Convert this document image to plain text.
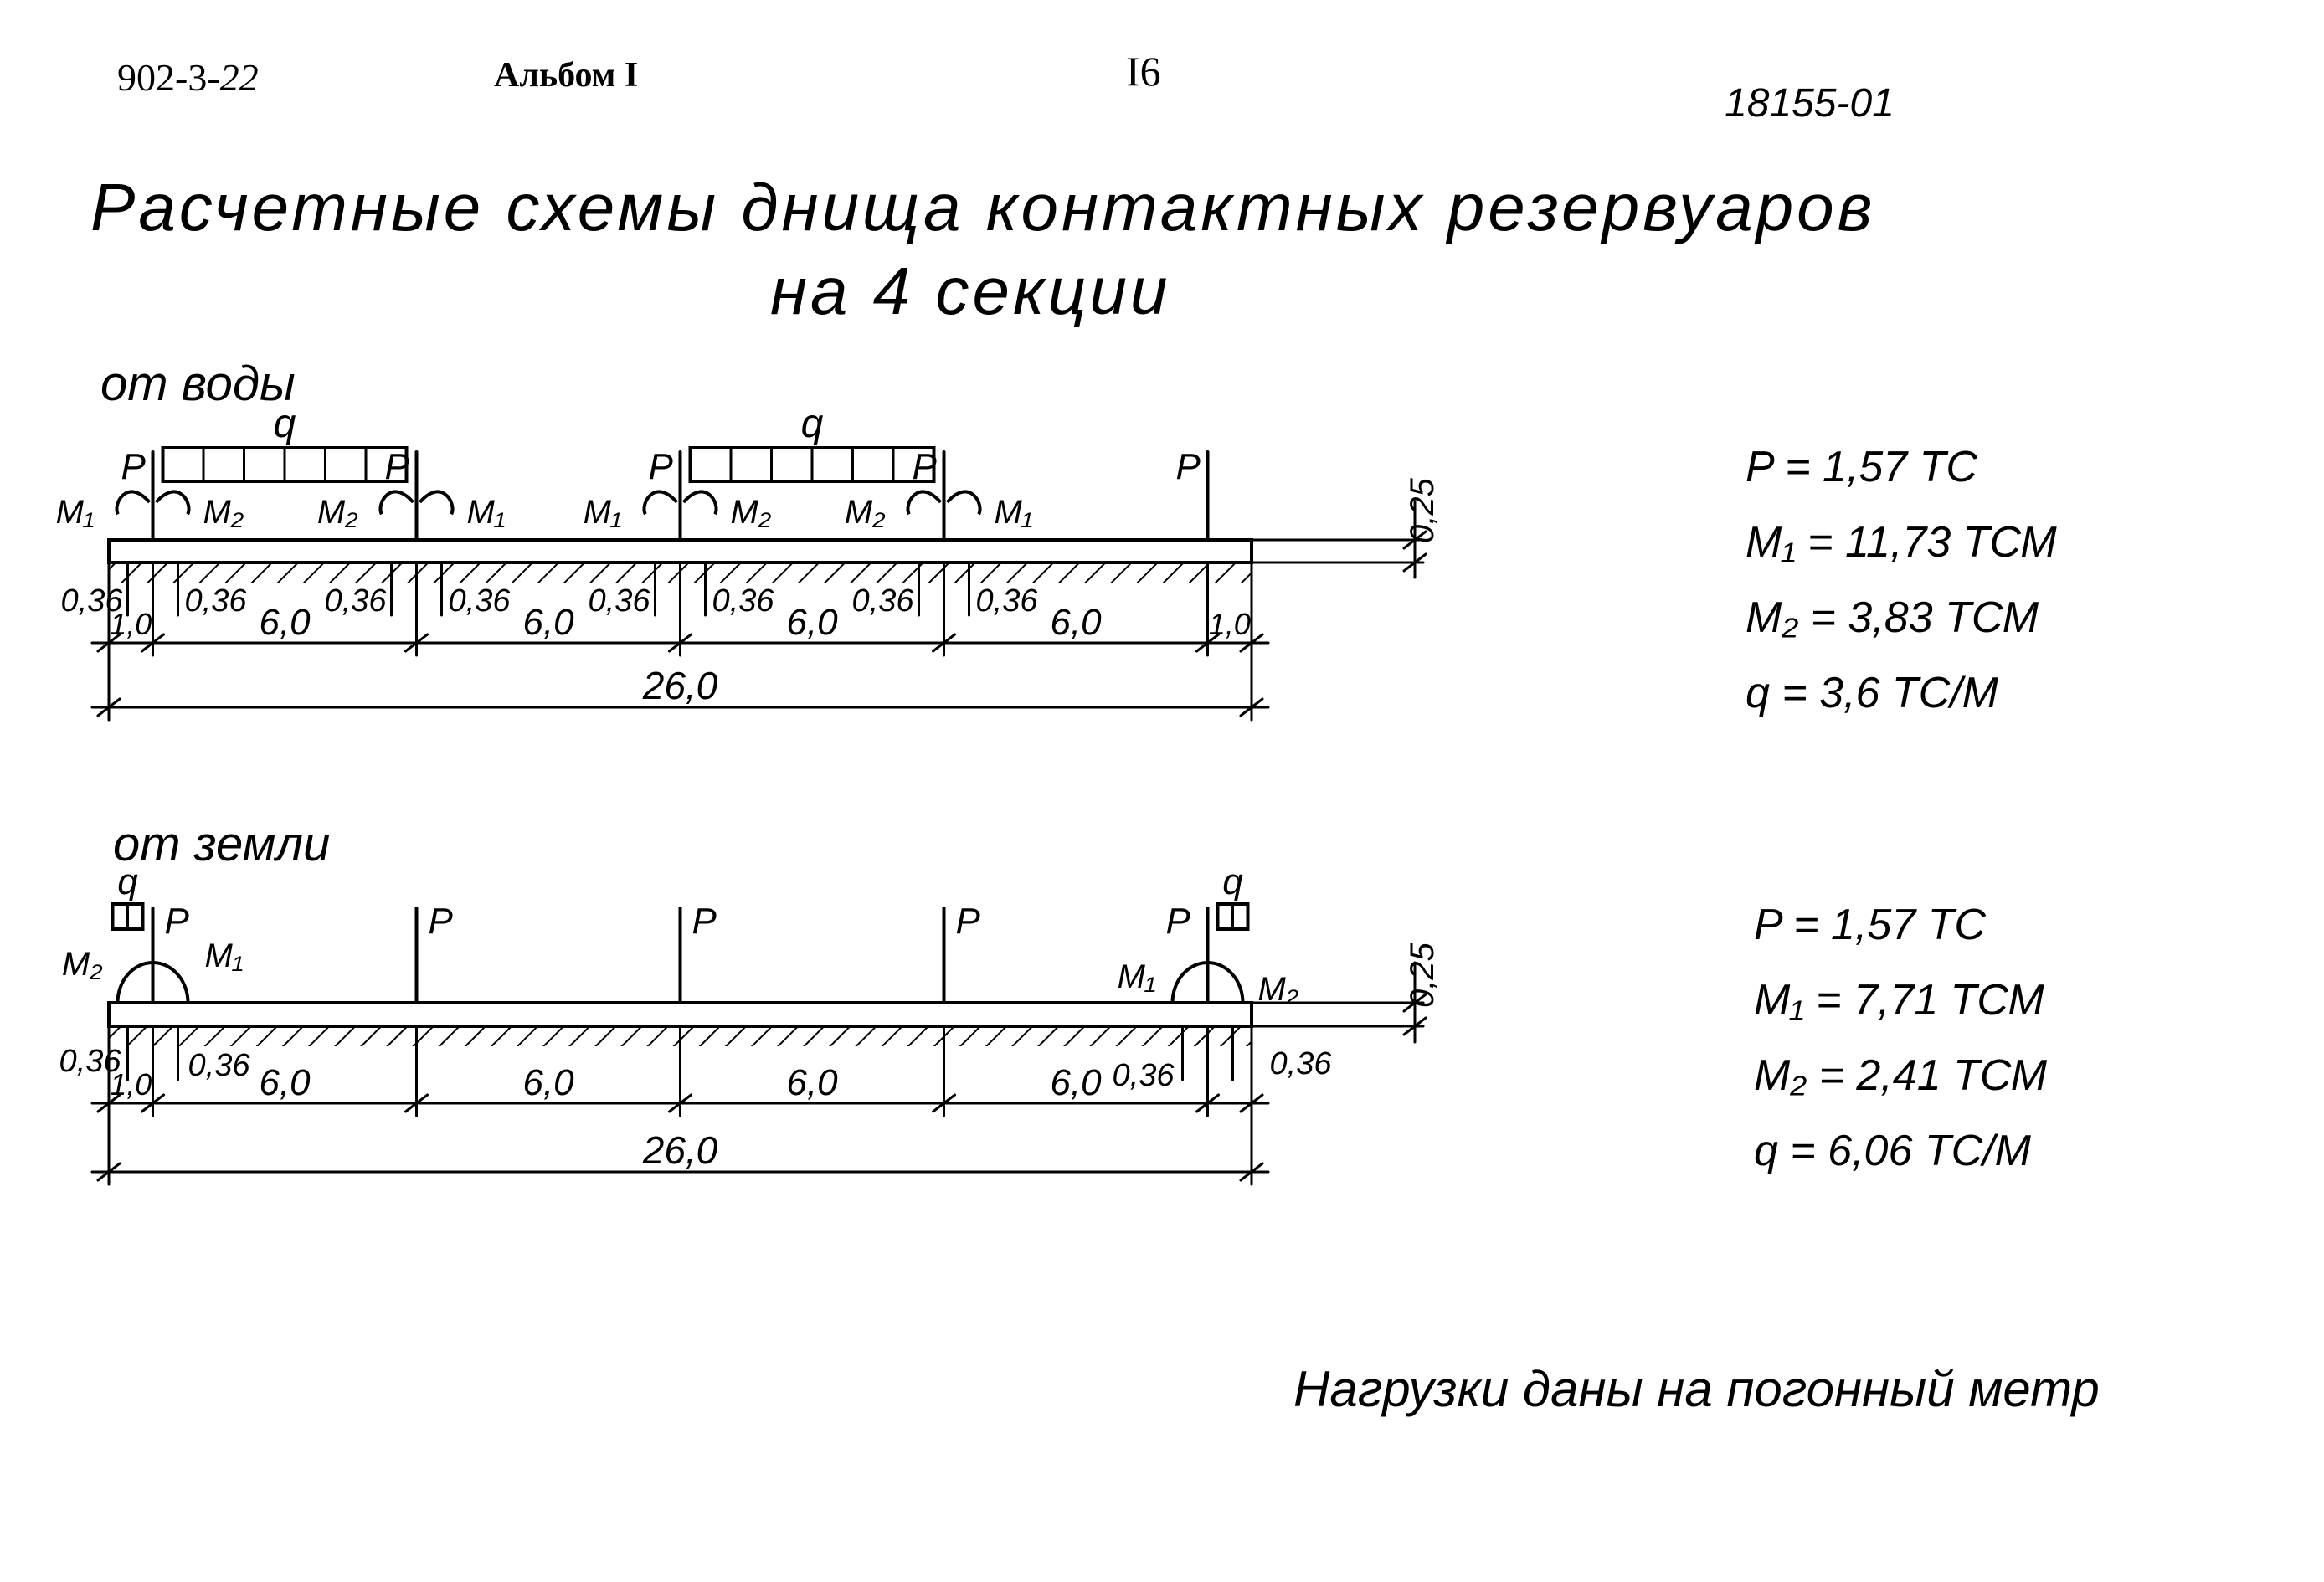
902-3-22	Альбом I	I6
18155-01
Расчетные схемы днища контактных резервуаров
на 4 секции
от воды
от земли
P = 1,57 ТС
M₁ = 11,73 ТСМ
M₂ = 3,83 ТСМ
q = 3,6 ТС/М
P = 1,57 ТС
M₁ = 7,71 ТСМ
M₂ = 2,41 ТСМ
q = 6,06 ТС/М
Нагрузки даны на погонный метр
0,25
q	q
P	P	P	P	P
M₁	M₂ M₂	M₁ M₁	M₂ M₂	M₁
0,36 0,36 0,36 0,36 0,36 0,36 0,36 0,36
1,0	1,0
6,0	6,0	6,0	6,0
26,0
0,25
q	q
P	P	P	P	P
M₂	M₁
M₁	M₂
0,36 0,36	0,36	0,36
1,0	6,0	6,0	6,0	6,0
26,0
